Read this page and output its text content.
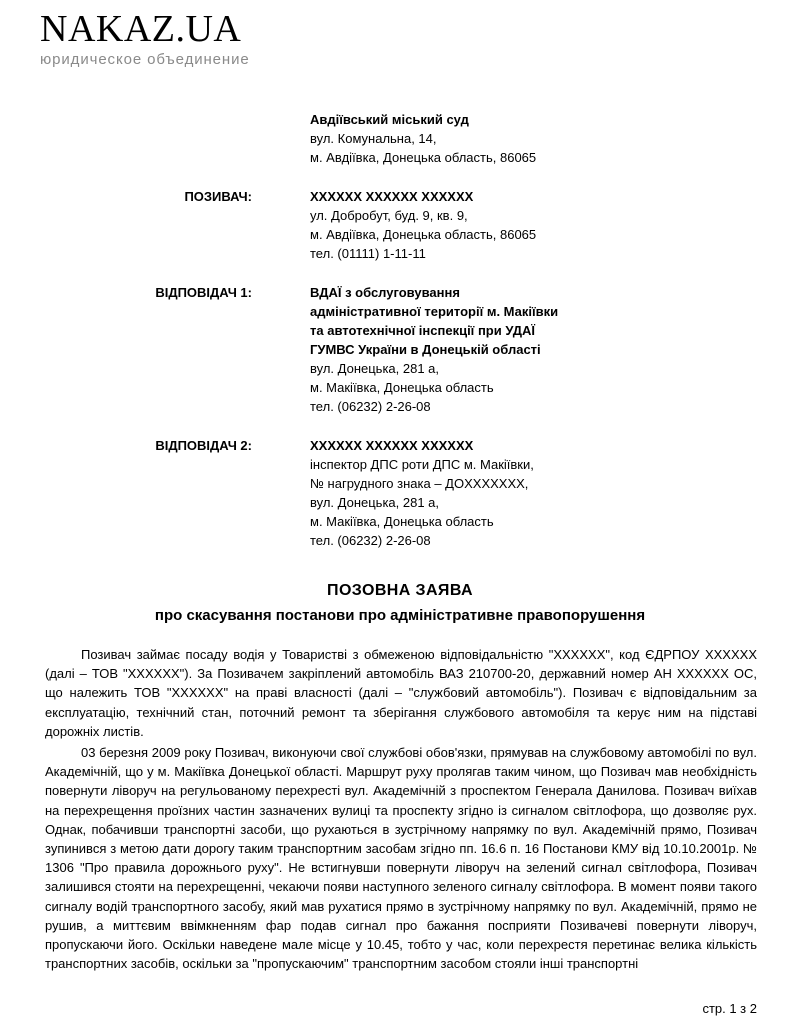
NAKAZ.UA
юридическое объединение
Авдіївський міський суд
вул. Комунальна, 14,
м. Авдіївка, Донецька область, 86065
ПОЗИВАЧ:	XXXXXX XXXXXX XXXXXX
ул. Добробут, буд. 9, кв. 9,
м. Авдіївка, Донецька область, 86065
тел. (01111) 1-11-11
ВІДПОВІДАЧ 1:	ВДАЇ з обслуговування
адміністративної території м. Макіївки
та автотехнічної інспекції при УДАЇ
ГУМВС України в Донецькій області
вул. Донецька, 281 а,
м. Макіївка, Донецька область
тел. (06232) 2-26-08
ВІДПОВІДАЧ 2:	XXXXXX XXXXXX XXXXXX
інспектор ДПС роти ДПС м. Макіївки,
№ нагрудного знака – ДОXXXXXXX,
вул. Донецька, 281 а,
м. Макіївка, Донецька область
тел. (06232) 2-26-08
ПОЗОВНА ЗАЯВА
про скасування постанови про адміністративне правопорушення

Позивач займає посаду водія у Товаристві з обмеженою відповідальністю "XXXXXX", код ЄДРПОУ XXXXXX (далі – ТОВ "XXXXXX"). За Позивачем закріплений автомобіль ВАЗ 210700-20, державний номер АН XXXXXX ОС, що належить ТОВ "XXXXXX" на праві власності (далі – "службовий автомобіль"). Позивач є відповідальним за експлуатацію, технічний стан, поточний ремонт та зберігання службового автомобіля та керує ним на підставі дорожніх листів.

03 березня 2009 року Позивач, виконуючи свої службові обов'язки, прямував на службовому автомобілі по вул. Академічній, що у м. Макіївка Донецької області. Маршрут руху пролягав таким чином, що Позивач мав необхідність повернути ліворуч на регульованому перехресті вул. Академічній з проспектом Генерала Данилова. Позивач виїхав на перехрещення проїзних частин зазначених вулиці та проспекту згідно із сигналом світлофора, що дозволяє рух. Однак, побачивши транспортні засоби, що рухаються в зустрічному напрямку по вул. Академічній прямо, Позивач зупинився з метою дати дорогу таким транспортним засобам згідно пп. 16.6 п. 16 Постанови КМУ від 10.10.2001р. № 1306 "Про правила дорожнього руху". Не встигнувши повернути ліворуч на зелений сигнал світлофора, Позивач залишився стояти на перехрещенні, чекаючи появи наступного зеленого сигналу світлофора. В момент появи такого сигналу водій транспортного засобу, який мав рухатися прямо в зустрічному напрямку по вул. Академічній, прямо не рушив, а миттєвим ввімкненням фар подав сигнал про бажання посприяти Позивачеві повернути ліворуч, пропускаючи його. Оскільки наведене мале місце у 10.45, тобто у час, коли перехрестя перетинає велика кількість транспортних засобів, оскільки за "пропускаючим" транспортним засобом стояли інші транспортні

стр. 1 з 2
